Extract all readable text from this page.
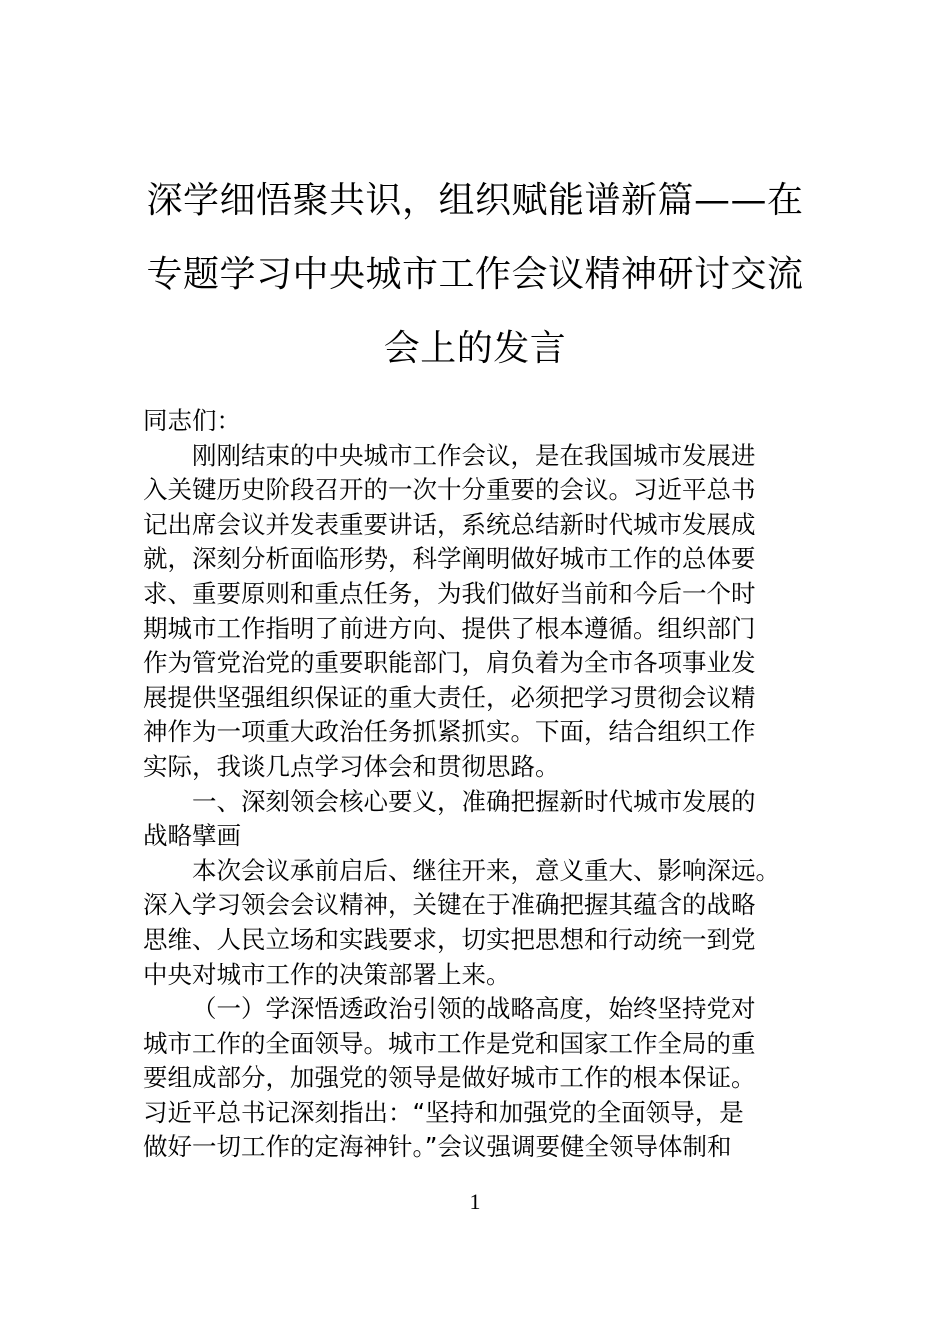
深学细悟聚共识，组织赋能谱新篇——在
专题学习中央城市工作会议精神研讨交流
会上的发言
同志们：
刚刚结束的中央城市工作会议，是在我国城市发展进
入关键历史阶段召开的一次十分重要的会议。习近平总书
记出席会议并发表重要讲话，系统总结新时代城市发展成
就，深刻分析面临形势，科学阐明做好城市工作的总体要
求、重要原则和重点任务，为我们做好当前和今后一个时
期城市工作指明了前进方向、提供了根本遵循。组织部门
作为管党治党的重要职能部门，肩负着为全市各项事业发
展提供坚强组织保证的重大责任，必须把学习贯彻会议精
神作为一项重大政治任务抓紧抓实。下面，结合组织工作
实际，我谈几点学习体会和贯彻思路。
一、深刻领会核心要义，准确把握新时代城市发展的
战略擘画
本次会议承前启后、继往开来，意义重大、影响深远。
深入学习领会会议精神，关键在于准确把握其蕴含的战略
思维、人民立场和实践要求，切实把思想和行动统一到党
中央对城市工作的决策部署上来。
（一）学深悟透政治引领的战略高度，始终坚持党对
城市工作的全面领导。城市工作是党和国家工作全局的重
要组成部分，加强党的领导是做好城市工作的根本保证。
习近平总书记深刻指出：“坚持和加强党的全面领导，是
做好一切工作的定海神针。”会议强调要健全领导体制和
1
